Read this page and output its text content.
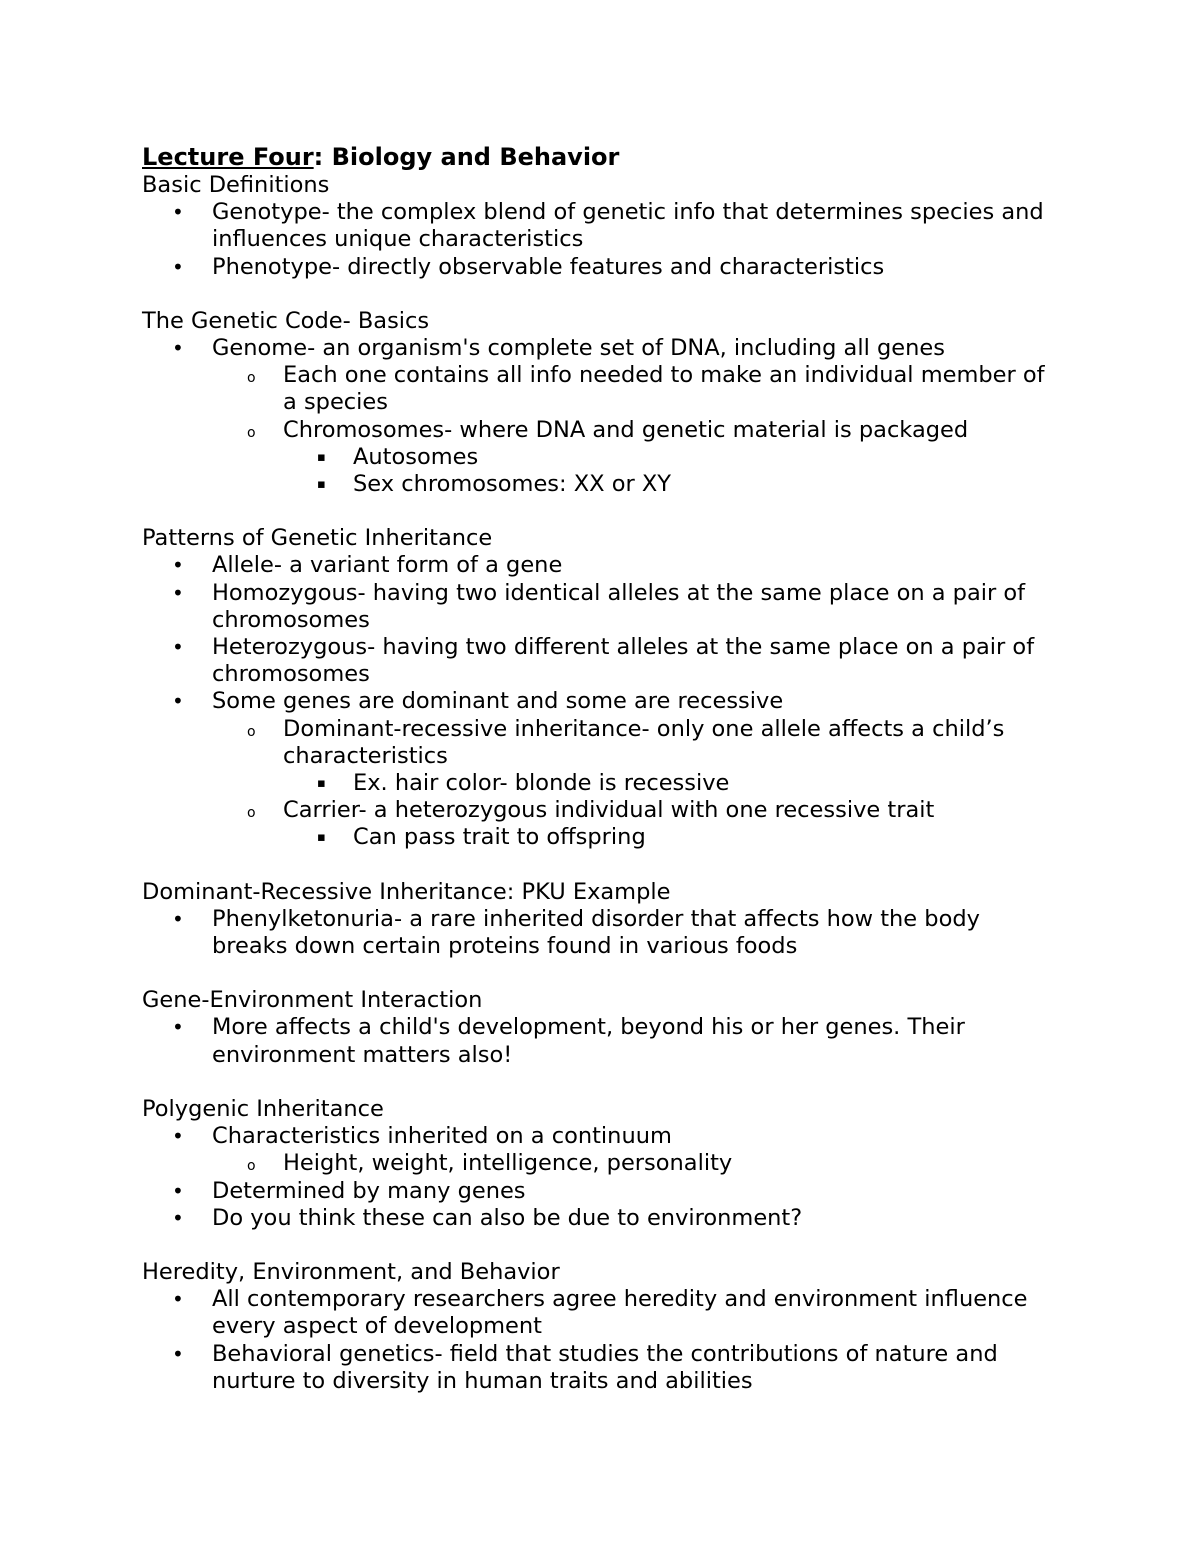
Lecture Four: Biology and Behavior
Basic Definitions
• Genotype- the complex blend of genetic info that determines species and influences unique characteristics
• Phenotype- directly observable features and characteristics
The Genetic Code- Basics
• Genome- an organism's complete set of DNA, including all genes
o Each one contains all info needed to make an individual member of a species
o Chromosomes- where DNA and genetic material is packaged
▪ Autosomes
▪ Sex chromosomes: XX or XY
Patterns of Genetic Inheritance
• Allele- a variant form of a gene
• Homozygous- having two identical alleles at the same place on a pair of chromosomes
• Heterozygous- having two different alleles at the same place on a pair of chromosomes
• Some genes are dominant and some are recessive
o Dominant-recessive inheritance- only one allele affects a child’s characteristics
▪ Ex. hair color- blonde is recessive
o Carrier- a heterozygous individual with one recessive trait
▪ Can pass trait to offspring
Dominant-Recessive Inheritance: PKU Example
• Phenylketonuria- a rare inherited disorder that affects how the body breaks down certain proteins found in various foods
Gene-Environment Interaction
• More affects a child's development, beyond his or her genes. Their environment matters also!
Polygenic Inheritance
• Characteristics inherited on a continuum
o Height, weight, intelligence, personality
• Determined by many genes
• Do you think these can also be due to environment?
Heredity, Environment, and Behavior
• All contemporary researchers agree heredity and environment influence every aspect of development
• Behavioral genetics- field that studies the contributions of nature and nurture to diversity in human traits and abilities
